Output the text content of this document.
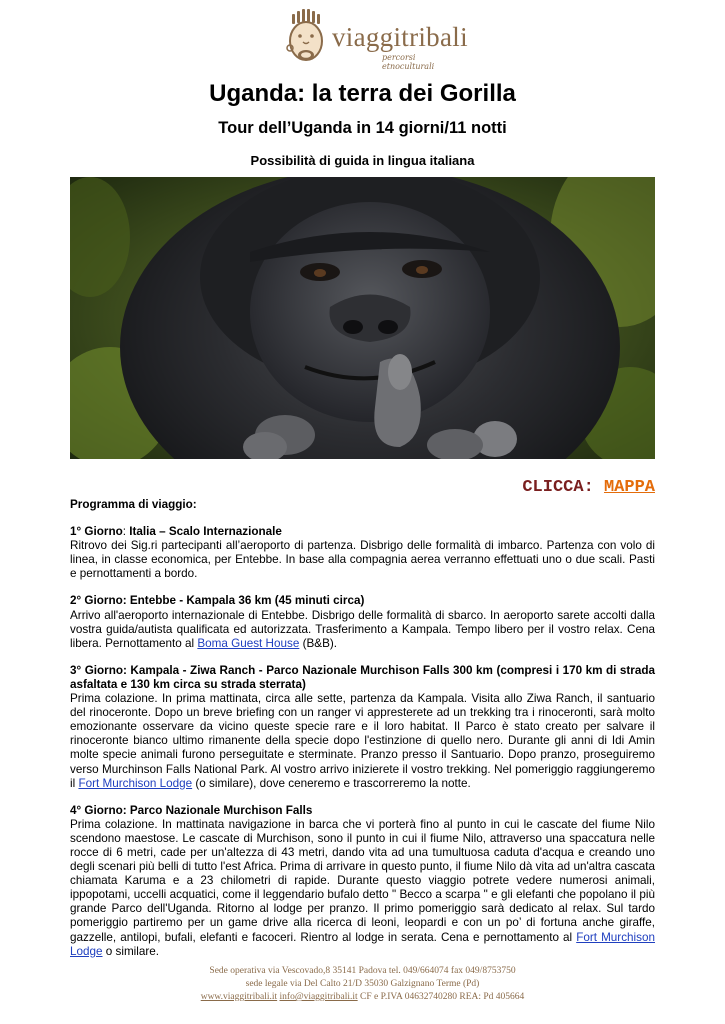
viaggitribali
percorsi etnoculturali
Uganda: la terra dei Gorilla
Tour dell’Uganda in 14 giorni/11 notti
Possibilità di guida in lingua italiana
CLICCA: MAPPA

Programma di viaggio:

1° Giorno: Italia – Scalo Internazionale
Ritrovo dei Sig.ri partecipanti all’aeroporto di partenza. Disbrigo delle formalità di imbarco. Partenza con volo di linea, in classe economica, per Entebbe. In base alla compagnia aerea verranno effettuati uno o due scali. Pasti e pernottamenti a bordo.

2° Giorno: Entebbe - Kampala 36 km (45 minuti circa)
Arrivo all'aeroporto internazionale di Entebbe. Disbrigo delle formalità di sbarco. In aeroporto sarete accolti dalla vostra guida/autista qualificata ed autorizzata. Trasferimento a Kampala. Tempo libero per il vostro relax. Cena libera. Pernottamento al Boma Guest House (B&B).

3° Giorno: Kampala - Ziwa Ranch - Parco Nazionale Murchison Falls 300 km (compresi i 170 km di strada asfaltata e 130 km circa su strada sterrata)
Prima colazione. In prima mattinata, circa alle sette, partenza da Kampala. Visita allo Ziwa Ranch, il santuario del rinoceronte. Dopo un breve briefing con un ranger vi appresterete ad un trekking tra i rinoceronti, sarà molto emozionante osservare da vicino queste specie rare e il loro habitat. Il Parco è stato creato per salvare il rinoceronte bianco ultimo rimanente della specie dopo l'estinzione di quello nero. Durante gli anni di Idi Amin molte specie animali furono perseguitate e sterminate. Pranzo presso il Santuario. Dopo pranzo, proseguiremo verso Murchinson Falls National Park. Al vostro arrivo inizierete il vostro trekking. Nel pomeriggio raggiungeremo il Fort Murchison Lodge (o similare), dove ceneremo e trascorreremo la notte.

4° Giorno: Parco Nazionale Murchison Falls
Prima colazione. In mattinata navigazione in barca che vi porterà fino al punto in cui le cascate del fiume Nilo scendono maestose. Le cascate di Murchison, sono il punto in cui il fiume Nilo, attraverso una spaccatura nelle rocce di 6 metri, cade per un'altezza di 43 metri, dando vita ad una tumultuosa caduta d'acqua e creando uno degli scenari più belli di tutto l'est Africa. Prima di arrivare in questo punto, il fiume Nilo dà vita ad un'altra cascata chiamata Karuma e a 23 chilometri di rapide. Durante questo viaggio potrete vedere numerosi animali, ippopotami, uccelli acquatici, come il leggendario bufalo detto " Becco a scarpa " e gli elefanti che popolano il più grande Parco dell'Uganda. Ritorno al lodge per pranzo. Il primo pomeriggio sarà dedicato al relax. Sul tardo pomeriggio partiremo per un game drive alla ricerca di leoni, leopardi e con un po’ di fortuna anche giraffe, gazzelle, antilopi, bufali, elefanti e facoceri. Rientro al lodge in serata. Cena e pernottamento al Fort Murchison Lodge o similare.

Sede operativa via Vescovado,8 35141 Padova tel. 049/664074 fax 049/8753750
sede legale via Del Calto 21/D 35030 Galzignano Terme (Pd)
www.viaggitribali.it info@viaggitribali.it CF e P.IVA 04632740280 REA: Pd 405664
